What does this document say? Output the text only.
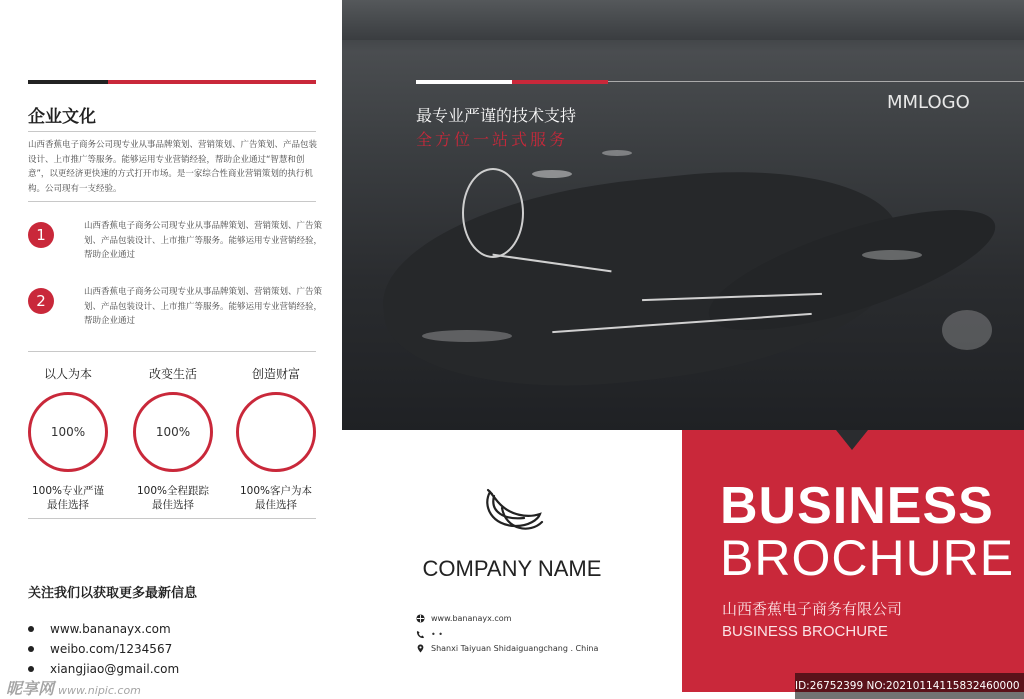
企业文化
山西香蕉电子商务公司现专业从事品牌策划、营销策划、广告策划、产品包装设计、上市推广等服务。能够运用专业营销经验，帮助企业通过“智慧和创意”，以更经济更快速的方式打开市场。是一家综合性商业营销策划的执行机构。公司现有一支经验。
1	山西香蕉电子商务公司现专业从事品牌策划、营销策划、广告策划、产品包装设计、上市推广等服务。能够运用专业营销经验，帮助企业通过
2	山西香蕉电子商务公司现专业从事品牌策划、营销策划、广告策划、产品包装设计、上市推广等服务。能够运用专业营销经验，帮助企业通过
以人为本
100%
100%专业严谨
最佳选择
改变生活
100%
100%全程跟踪
最佳选择
创造财富
100%客户为本
最佳选择
关注我们以获取更多最新信息
www.bananayx.com
weibo.com/1234567
xiangjiao@gmail.com
最专业严谨的技术支持
全方位一站式服务
MMLOGO
COMPANY NAME
www.bananayx.com
• •
Shanxi Taiyuan Shidaiguangchang . China
BUSINESS
BROCHURE
山西香蕉电子商务有限公司
BUSINESS BROCHURE
昵享网 www.nipic.com	ID:26752399 NO:20210114115832460000
